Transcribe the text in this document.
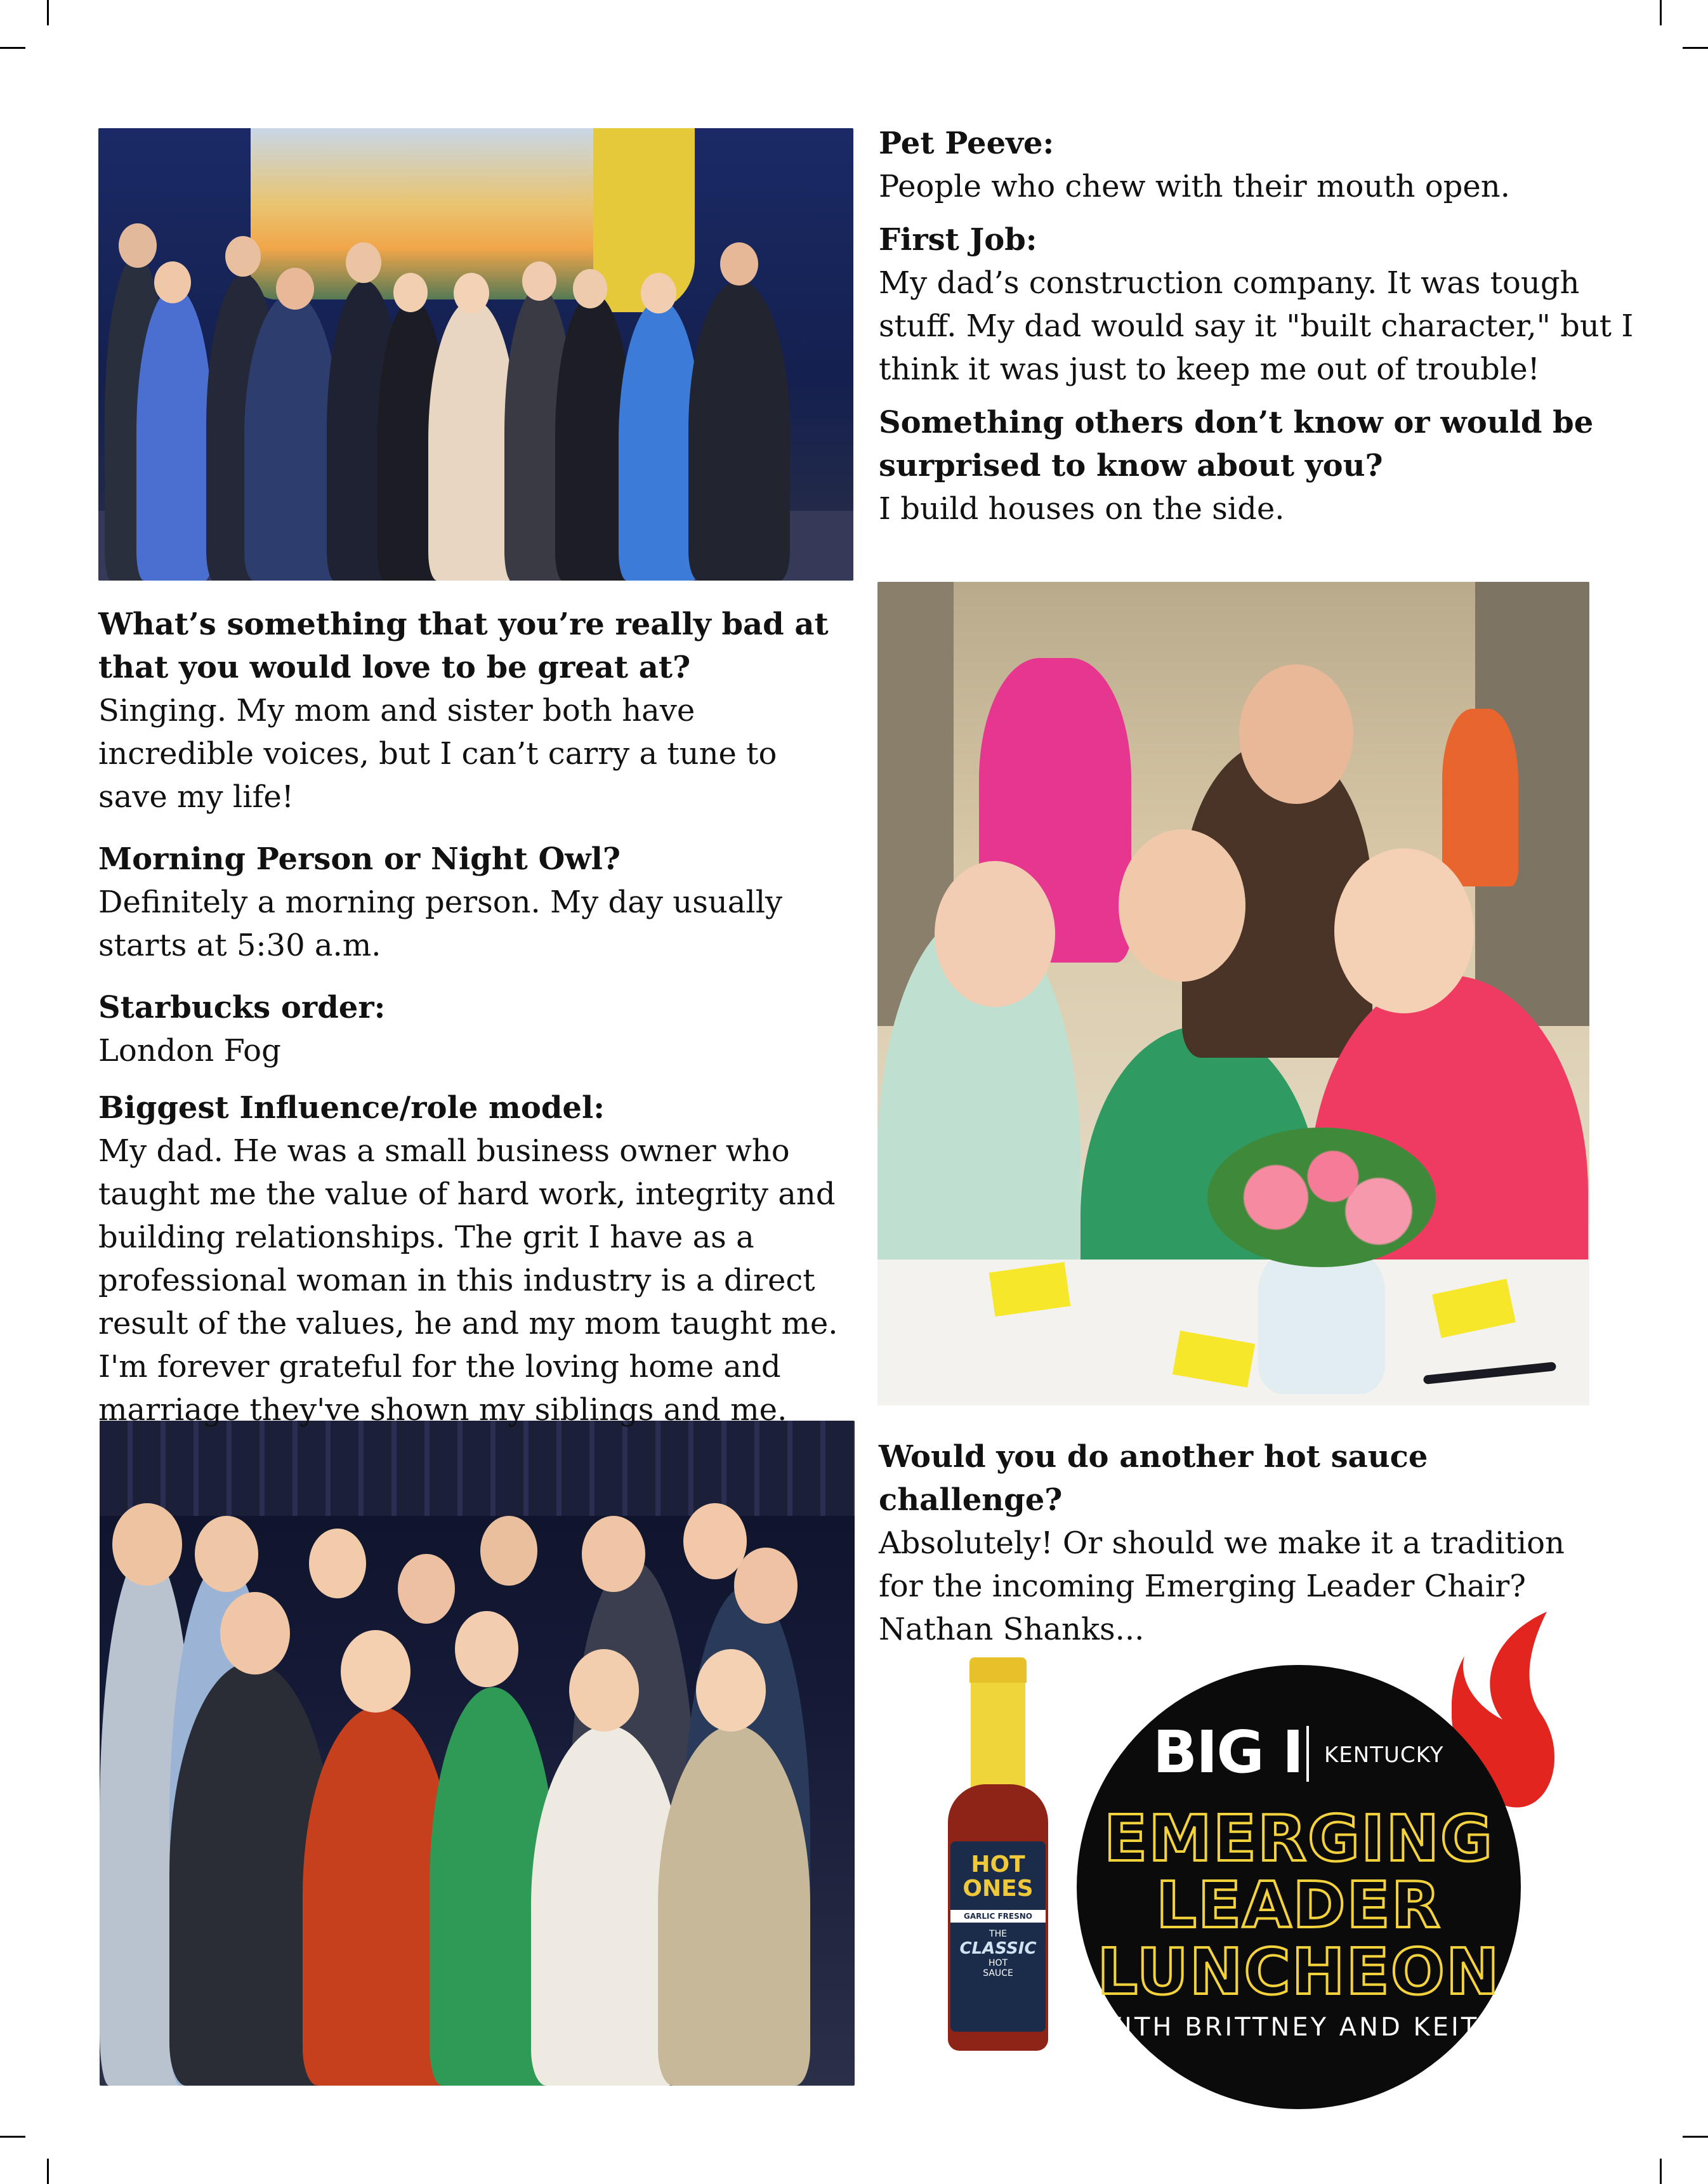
Pet Peeve:

People who chew with their mouth open.

First Job:

My dad’s construction company. It was tough stuff. My dad would say it "built character," but I think it was just to keep me out of trouble!

Something others don’t know or would be surprised to know about you?

I build houses on the side.

What’s something that you’re really bad at that you would love to be great at?

Singing. My mom and sister both have incredible voices, but I can’t carry a tune to save my life!

Morning Person or Night Owl?

Definitely a morning person. My day usually starts at 5:30 a.m.

Starbucks order:

London Fog

Biggest Influence/role model:

My dad. He was a small business owner who taught me the value of hard work, integrity and building relationships. The grit I have as a professional woman in this industry is a direct result of the values, he and my mom taught me. I'm forever grateful for the loving home and marriage they've shown my siblings and me.

Would you do another hot sauce challenge?

Absolutely! Or should we make it a tradition for the incoming Emerging Leader Chair? Nathan Shanks...

HOT
ONES
GARLIC FRESNO
THE
CLASSIC
HOT
SAUCE
BIG I KENTUCKY
EMERGING
LEADER
LUNCHEON
WITH BRITTNEY AND KEITH
